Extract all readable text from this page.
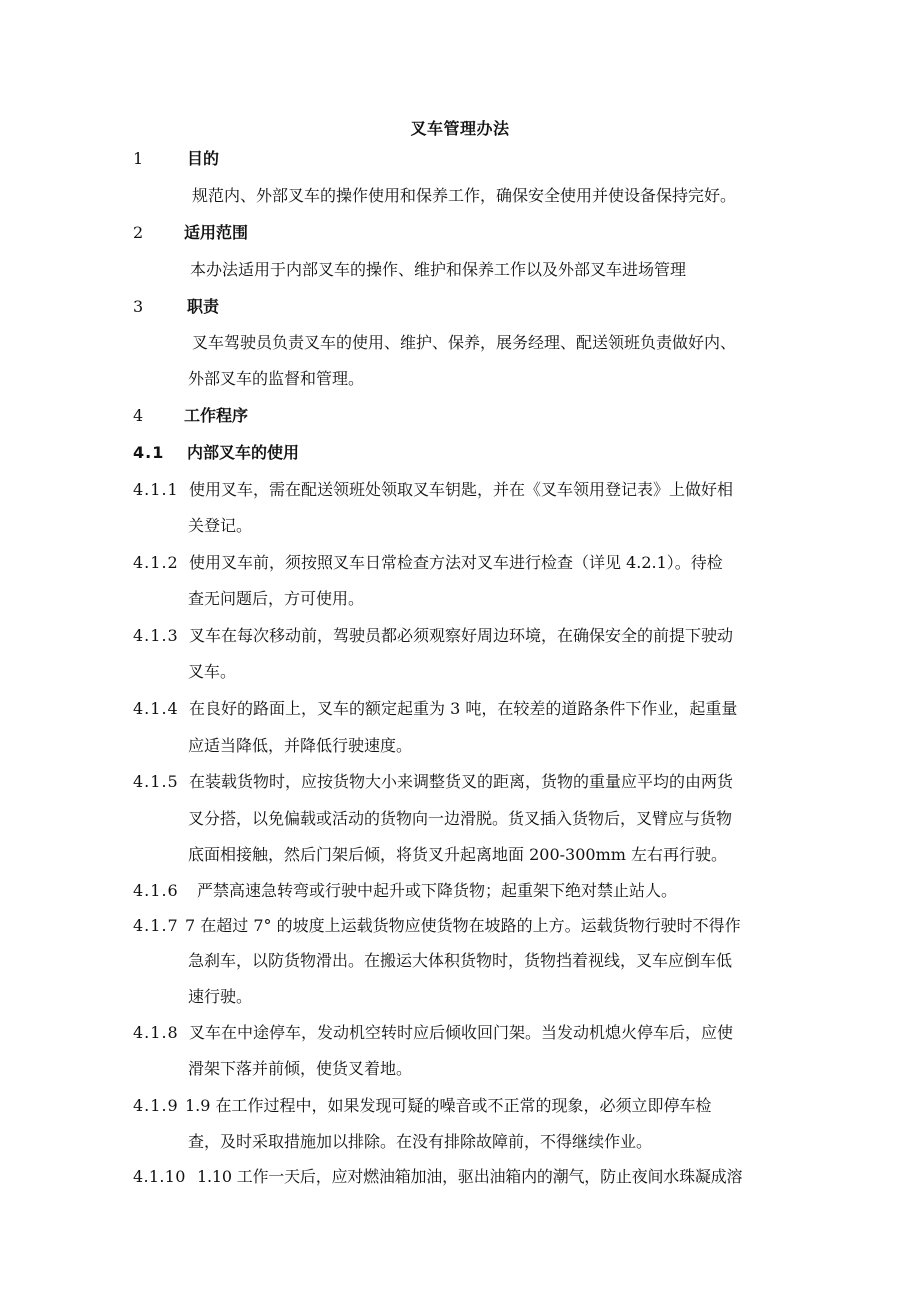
叉车管理办法
1	目的
规范内、外部叉车的操作使用和保养工作，确保安全使用并使设备保持完好。
2 适用范围
本办法适用于内部叉车的操作、维护和保养工作以及外部叉车进场管理
3	职责
叉车驾驶员负责叉车的使用、维护、保养，展务经理、配送领班负责做好内、
外部叉车的监督和管理。
4 工作程序
4.1 内部叉车的使用
4.1.1 使用叉车，需在配送领班处领取叉车钥匙，并在《叉车领用登记表》上做好相
关登记。
4.1.2 使用叉车前，须按照叉车日常检查方法对叉车进行检查（详见 4.2.1）。待检
查无问题后，方可使用。
4.1.3 叉车在每次移动前，驾驶员都必须观察好周边环境，在确保安全的前提下驶动
叉车。
4.1.4 在良好的路面上，叉车的额定起重为 3 吨，在较差的道路条件下作业，起重量
应适当降低，并降低行驶速度。
4.1.5 在装载货物时，应按货物大小来调整货叉的距离，货物的重量应平均的由两货
叉分搭，以免偏载或活动的货物向一边滑脱。货叉插入货物后，叉臂应与货物
底面相接触，然后门架后倾，将货叉升起离地面 200-300mm 左右再行驶。
4.1.6 严禁高速急转弯或行驶中起升或下降货物；起重架下绝对禁止站人。
4.1.7 7 在超过 7° 的坡度上运载货物应使货物在坡路的上方。运载货物行驶时不得作
急刹车，以防货物滑出。在搬运大体积货物时，货物挡着视线，叉车应倒车低
速行驶。
4.1.8 叉车在中途停车，发动机空转时应后倾收回门架。当发动机熄火停车后，应使
滑架下落并前倾，使货叉着地。
4.1.9 1.9 在工作过程中，如果发现可疑的噪音或不正常的现象，必须立即停车检
查，及时采取措施加以排除。在没有排除故障前，不得继续作业。
4.1.10 1.10 工作一天后，应对燃油箱加油，驱出油箱内的潮气，防止夜间水珠凝成溶
